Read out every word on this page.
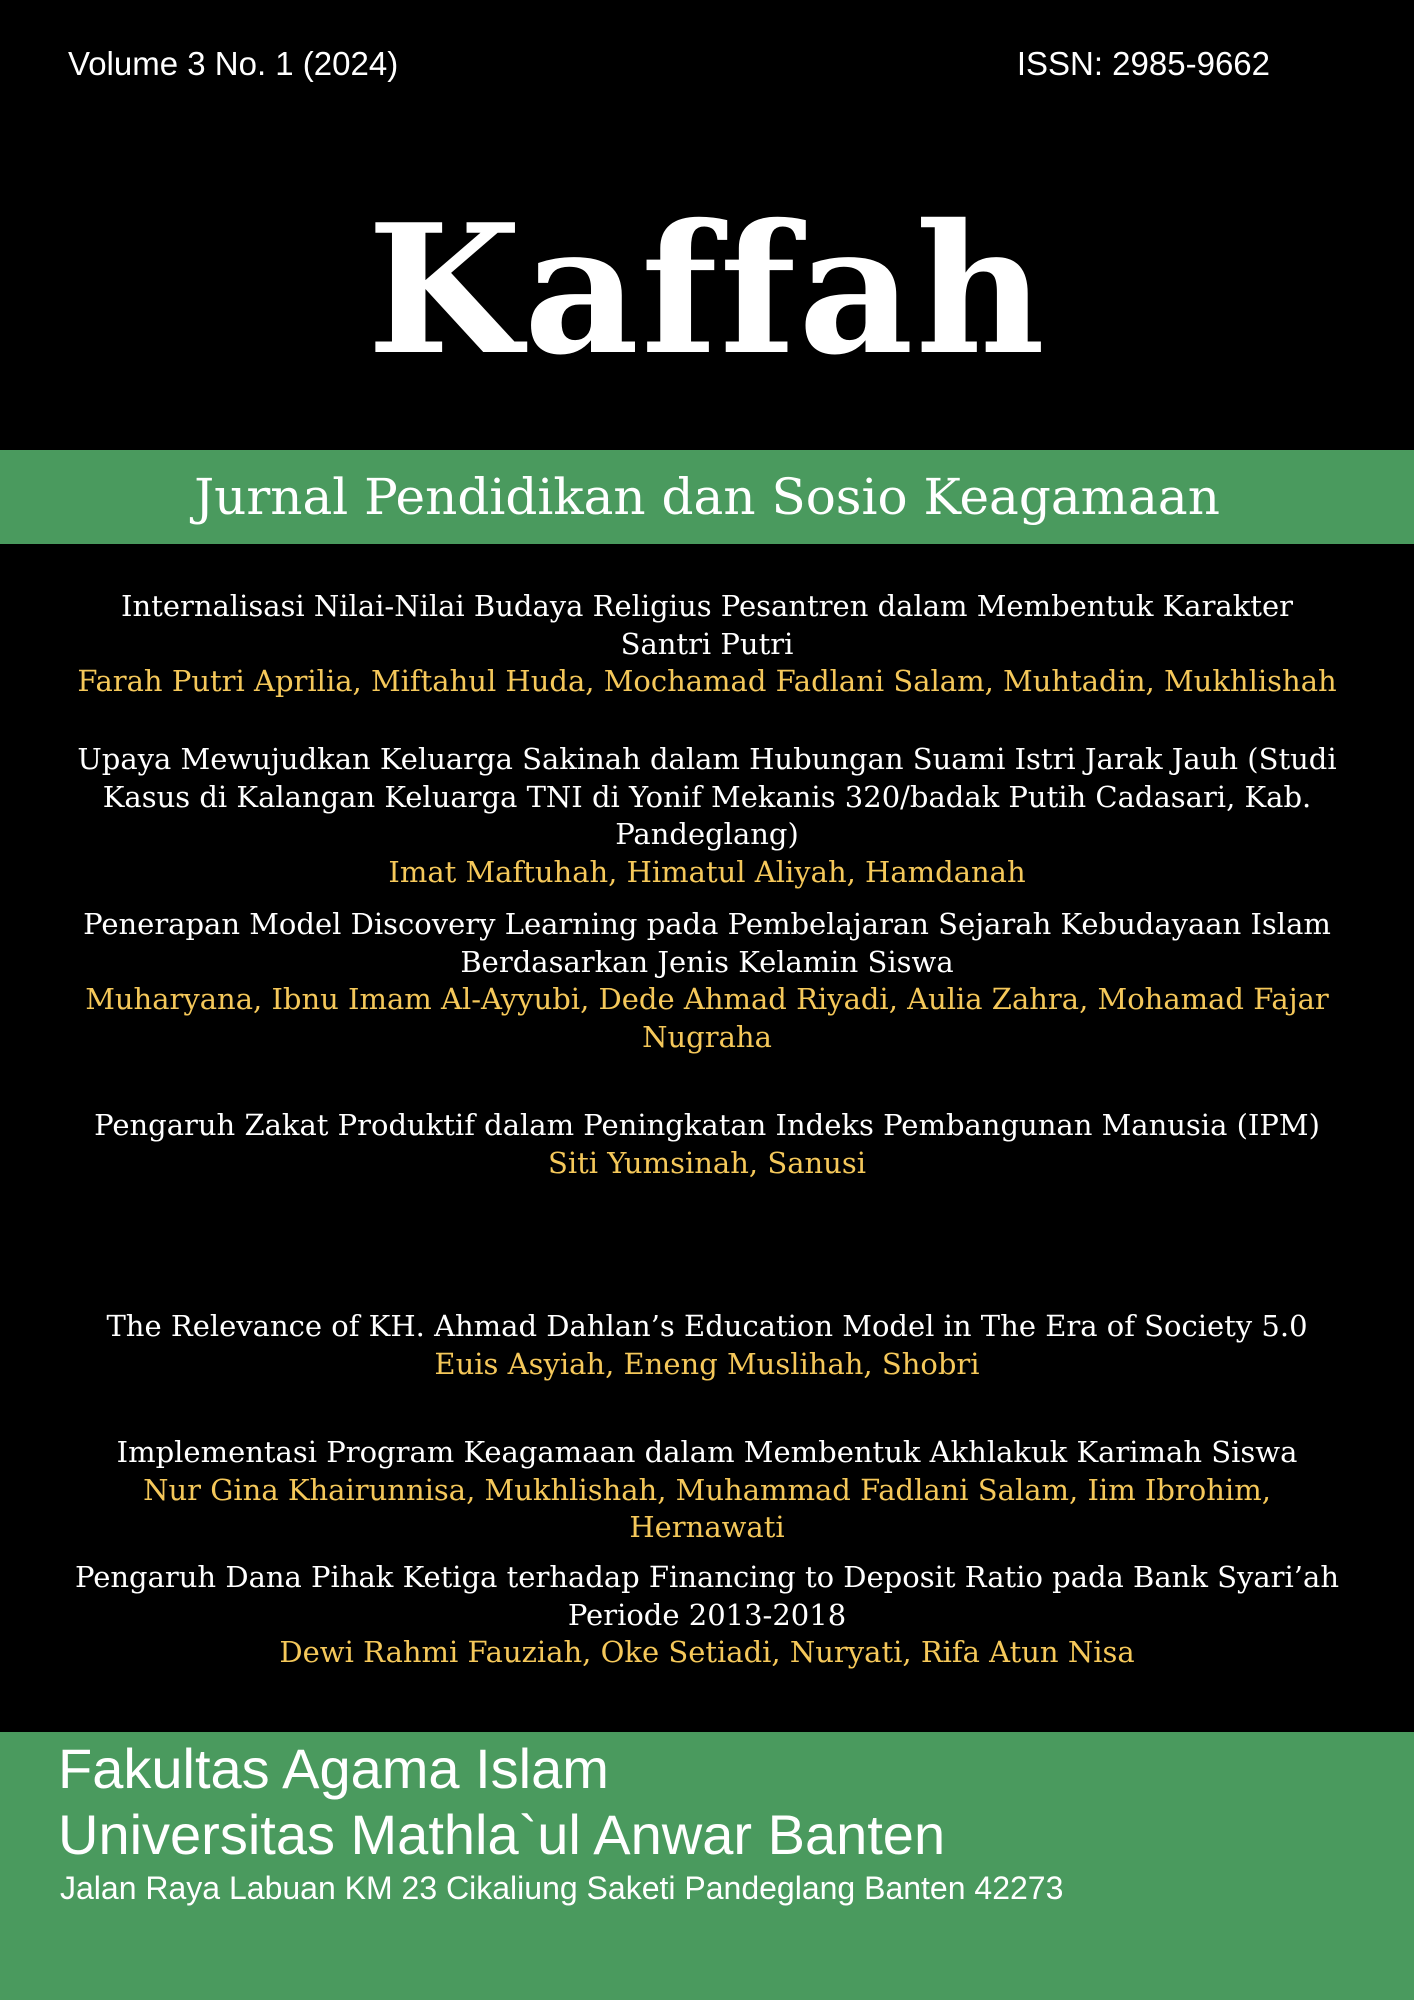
Volume 3 No. 1 (2024)	ISSN: 2985-9662
Kaffah
Jurnal Pendidikan dan Sosio Keagamaan
Internalisasi Nilai-Nilai Budaya Religius Pesantren dalam Membentuk Karakter Santri Putri
Farah Putri Aprilia, Miftahul Huda, Mochamad Fadlani Salam, Muhtadin, Mukhlishah
Upaya Mewujudkan Keluarga Sakinah dalam Hubungan Suami Istri Jarak Jauh (Studi Kasus di Kalangan Keluarga TNI di Yonif Mekanis 320/badak Putih Cadasari, Kab. Pandeglang)
Imat Maftuhah, Himatul Aliyah, Hamdanah
Penerapan Model Discovery Learning pada Pembelajaran Sejarah Kebudayaan Islam Berdasarkan Jenis Kelamin Siswa
Muharyana, Ibnu Imam Al-Ayyubi, Dede Ahmad Riyadi, Aulia Zahra, Mohamad Fajar Nugraha
Pengaruh Zakat Produktif dalam Peningkatan Indeks Pembangunan Manusia (IPM)
Siti Yumsinah, Sanusi
The Relevance of KH. Ahmad Dahlan’s Education Model in The Era of Society 5.0
Euis Asyiah, Eneng Muslihah, Shobri
Implementasi Program Keagamaan dalam Membentuk Akhlakuk Karimah Siswa
Nur Gina Khairunnisa, Mukhlishah, Muhammad Fadlani Salam, Iim Ibrohim, Hernawati
Pengaruh Dana Pihak Ketiga terhadap Financing to Deposit Ratio pada Bank Syari’ah Periode 2013-2018
Dewi Rahmi Fauziah, Oke Setiadi, Nuryati, Rifa Atun Nisa
Fakultas Agama Islam
Universitas Mathla`ul Anwar Banten
Jalan Raya Labuan KM 23 Cikaliung Saketi Pandeglang Banten 42273
